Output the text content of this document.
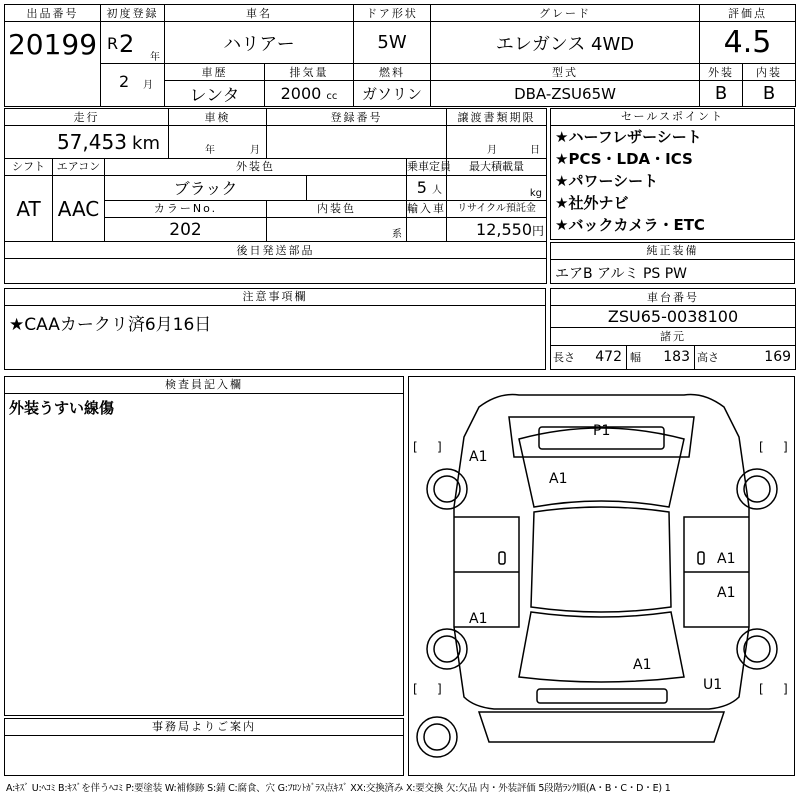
出品番号	初度登録	車名		ドア形状	グレード	評価点	

20199	R 2 年	ハリアー		5W	エレガンス 4WD	4.5	

	2 月	車歴	排気量	燃料	型式	外装	内装
		レンタ	2000 cc	ガソリン	DBA-ZSU65W	B	B
走行			車検	登録番号			譲渡書類期限
57,453 km			年 月				月 日

シフト	エアコン	外装色				乗車定員	最大積載量
AT	AAC	ブラック				5 人	kg
		カラーNo.		内装色		輸入車	リサイクル預託金
		202		系			12,550円
後日発送部品							

セールスポイント
★ハーフレザーシート
★PCS・LDA・ICS
★パワーシート
★社外ナビ
★バックカメラ・ETC
純正装備
エアB アルミ PS PW
注意事項欄
★CAAカークリ済6月16日
車台番号
ZSU65-0038100
諸元
長さ 472	幅 183	高さ	169
検査員記入欄
外装うすい線傷
事務局よりご案内
[ ]	[ ]
[ ]	[ ]
A1
P1
A1
A1
A1
A1
A1
U1
A:ｷｽﾞ U:ﾍｺﾐ B:ｷｽﾞを伴うﾍｺﾐ P:要塗装 W:補修跡 S:錆 C:腐食、穴 G:ﾌﾛﾝﾄｶﾞﾗｽ点ｷｽﾞ XX:交換済み X:要交換 欠:欠品 内・外装評価 5段階ﾗﾝｸ順(A・B・C・D・E) 1
